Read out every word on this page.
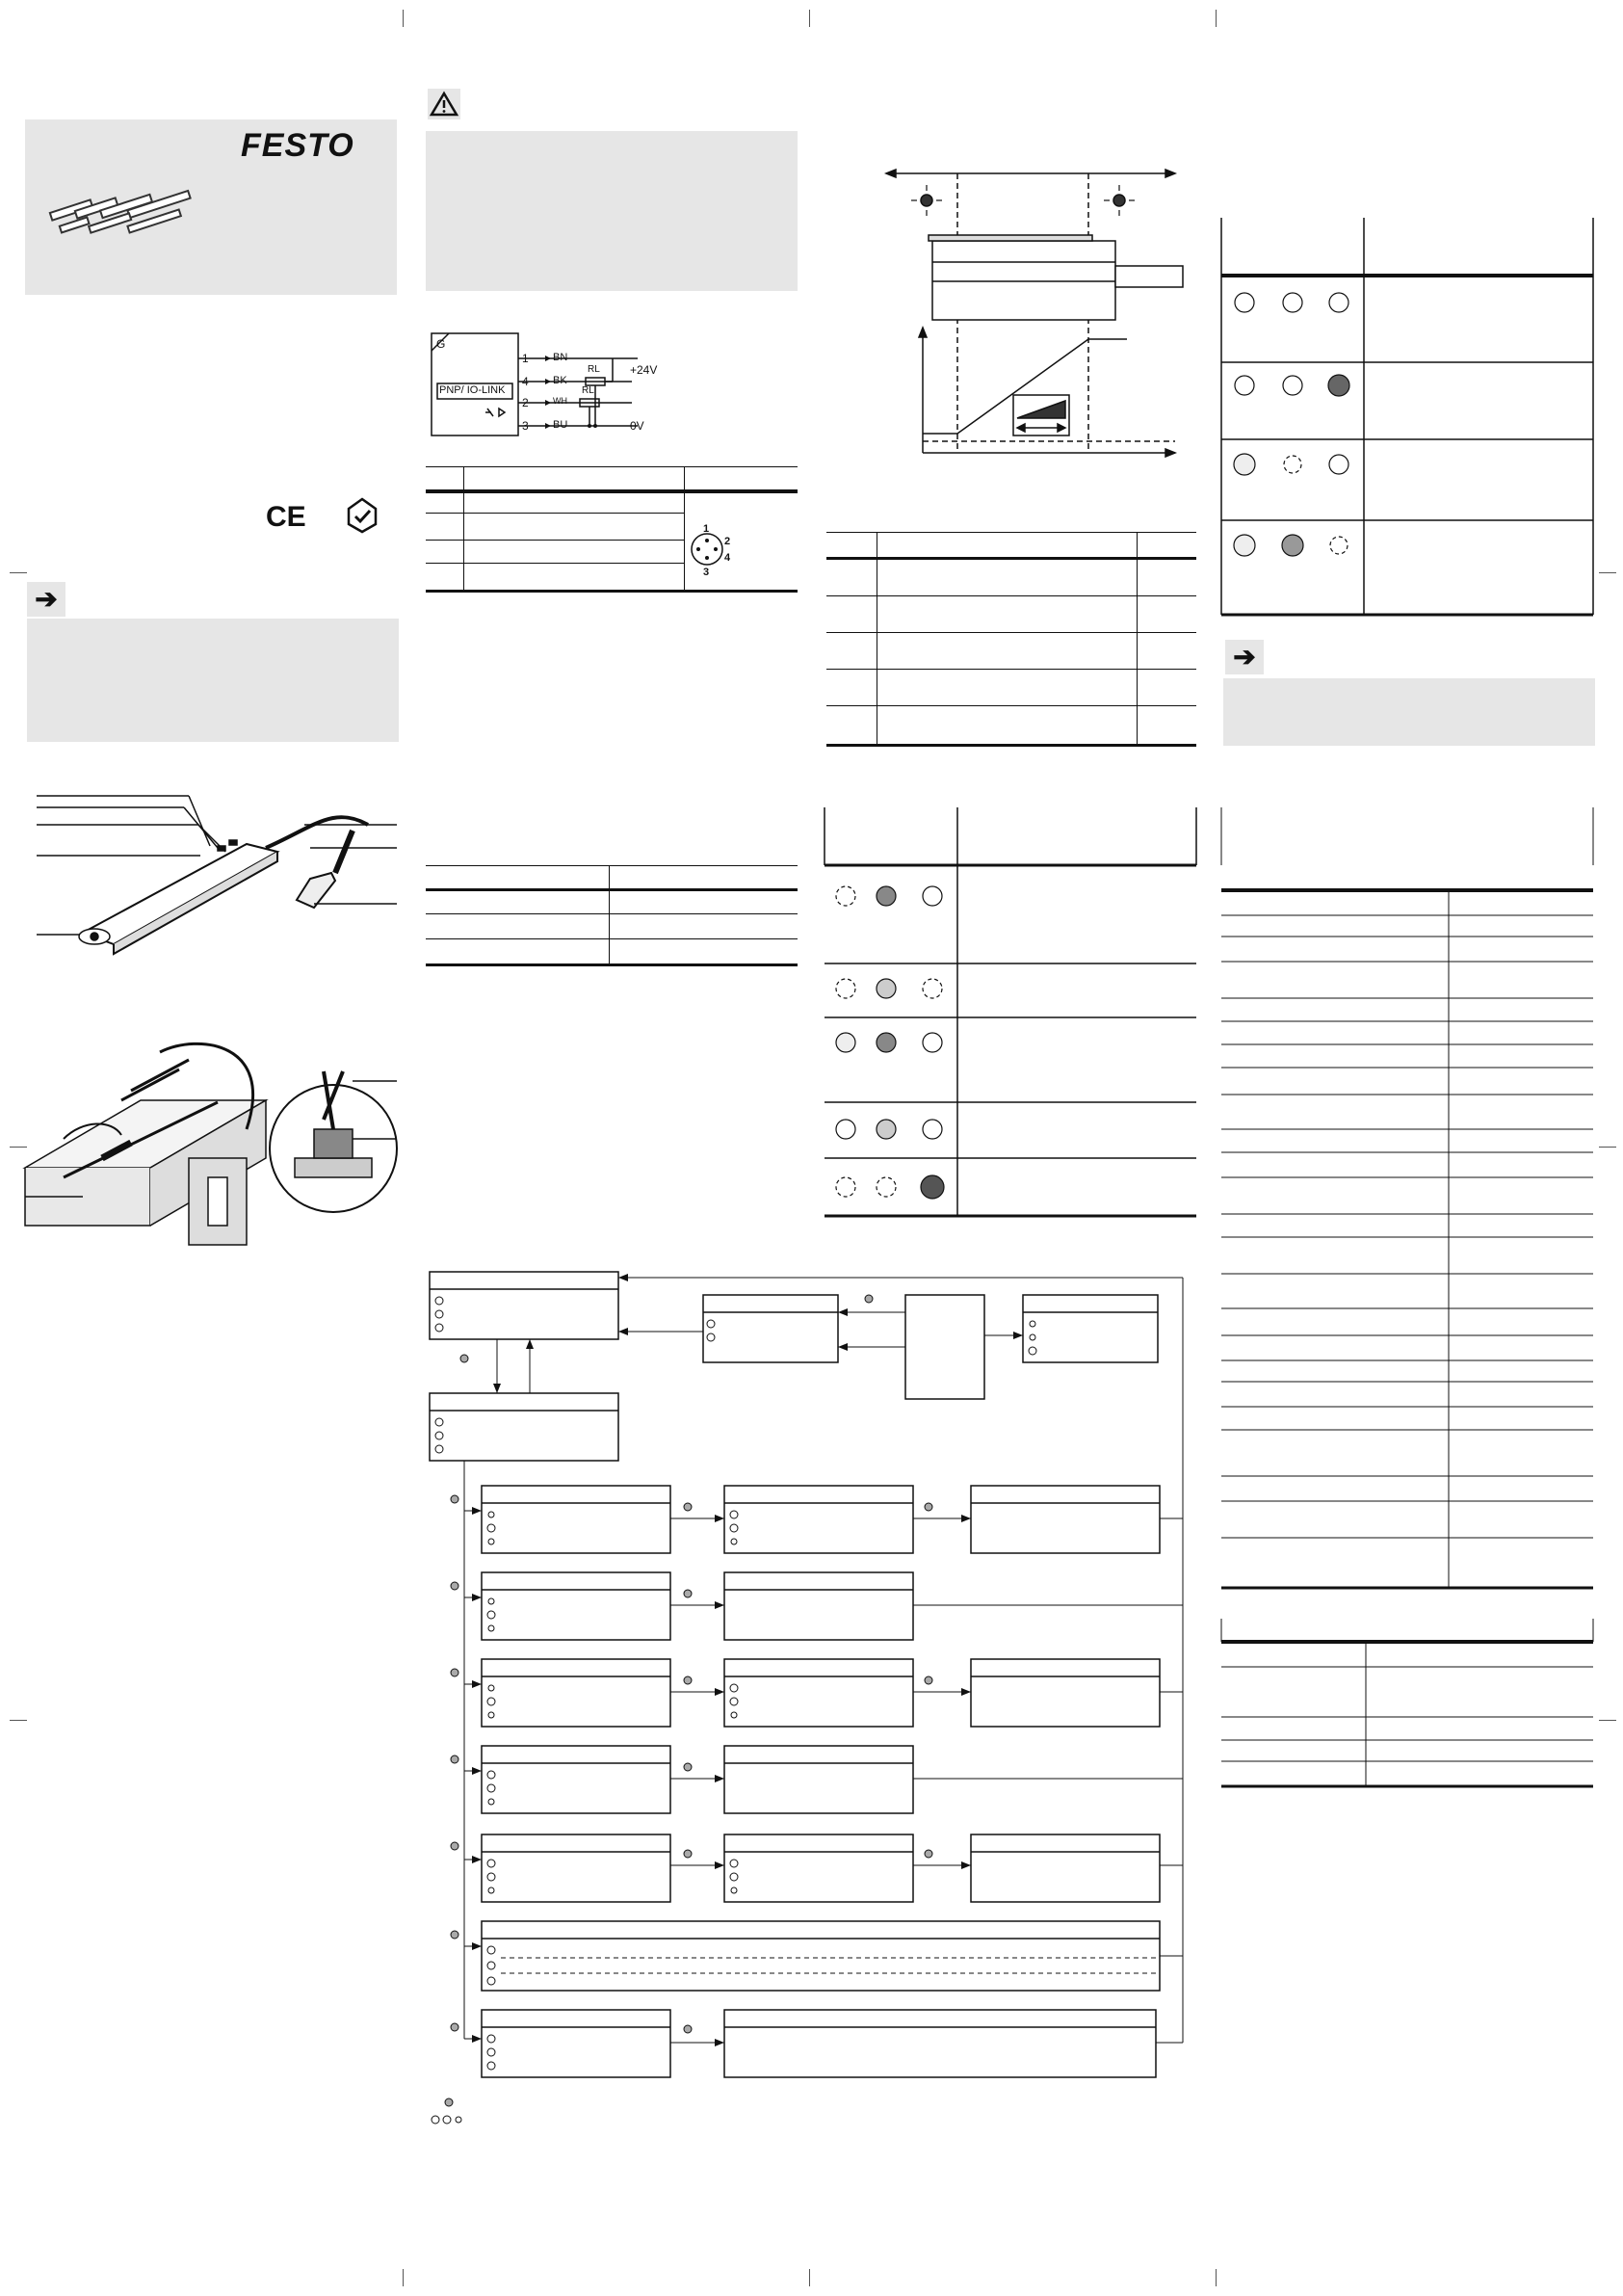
FESTO
CE
➔
G
PNP/ IO-LINK
1
4
2
3
BN
BK
WH
BU
RL
RL
+24V
0V
1
2
3
4
➔
